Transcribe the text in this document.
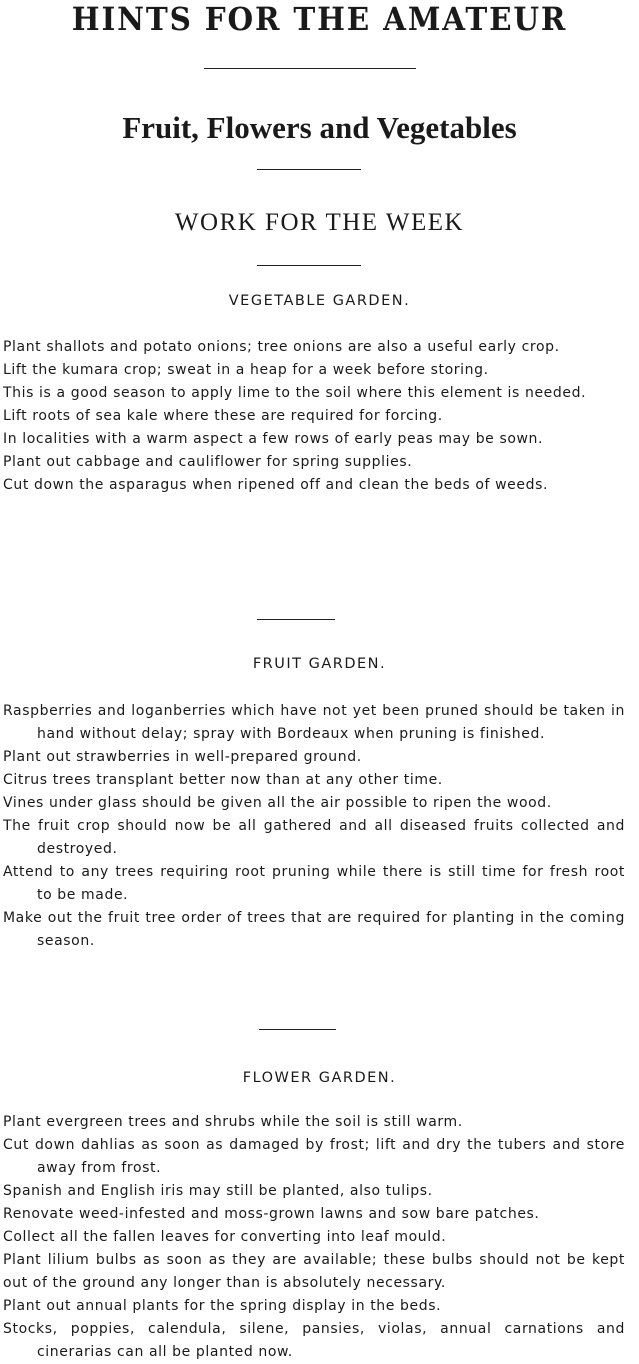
HINTS FOR THE AMATEUR
Fruit, Flowers and Vegetables
WORK FOR THE WEEK
VEGETABLE GARDEN.
Plant shallots and potato onions; tree onions are also a useful early crop.
Lift the kumara crop; sweat in a heap for a week before storing.
This is a good season to apply lime to the soil where this element is needed.
Lift roots of sea kale where these are required for forcing.
In localities with a warm aspect a few rows of early peas may be sown.
Plant out cabbage and cauliflower for spring supplies.
Cut down the asparagus when ripened off and clean the beds of weeds.
FRUIT GARDEN.
Raspberries and loganberries which have not yet been pruned should be taken in hand without delay; spray with Bordeaux when pruning is finished.
Plant out strawberries in well-prepared ground.
Citrus trees transplant better now than at any other time.
Vines under glass should be given all the air possible to ripen the wood.
The fruit crop should now be all gathered and all diseased fruits collected and destroyed.
Attend to any trees requiring root pruning while there is still time for fresh root to be made.
Make out the fruit tree order of trees that are required for planting in the coming season.
FLOWER GARDEN.
Plant evergreen trees and shrubs while the soil is still warm.
Cut down dahlias as soon as damaged by frost; lift and dry the tubers and store away from frost.
Spanish and English iris may still be planted, also tulips.
Renovate weed-infested and moss-grown lawns and sow bare patches.
Collect all the fallen leaves for converting into leaf mould.
Plant lilium bulbs as soon as they are available; these bulbs should not be kept out of the ground any longer than is absolutely necessary.
Plant out annual plants for the spring display in the beds.
Stocks, poppies, calendula, silene, pansies, violas, annual carnations and cinerarias can all be planted now.
